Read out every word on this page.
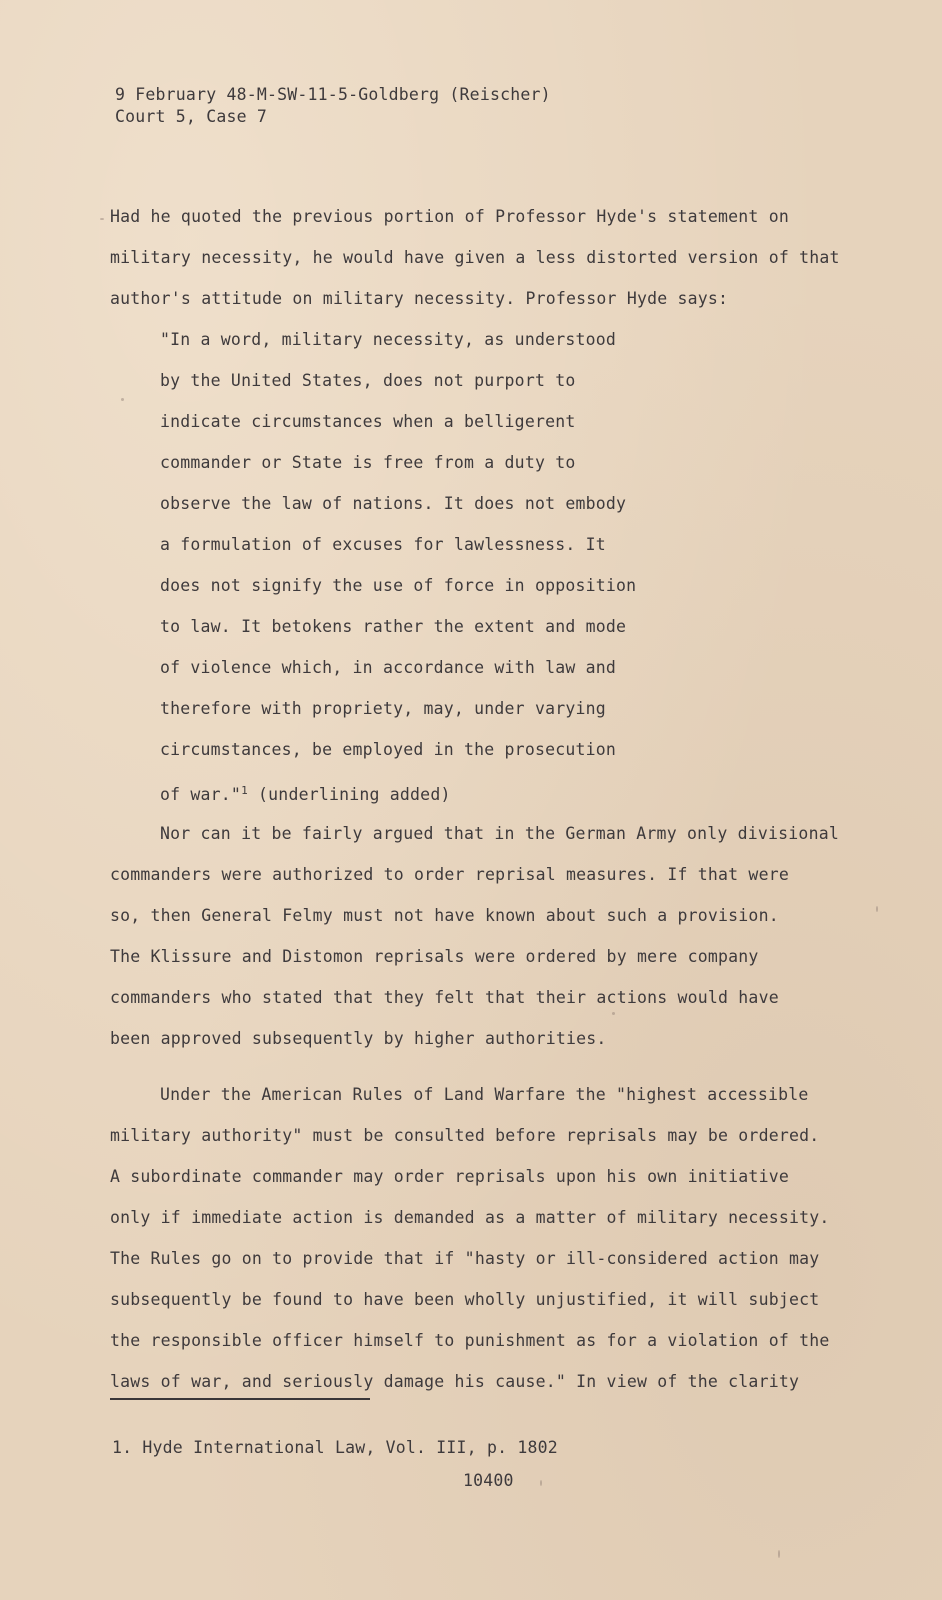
9 February 48-M-SW-11-5-Goldberg (Reischer)
Court 5, Case 7
Had he quoted the previous portion of Professor Hyde's statement on
military necessity, he would have given a less distorted version of that
author's attitude on military necessity. Professor Hyde says:
"In a word, military necessity, as understood
by the United States, does not purport to
indicate circumstances when a belligerent
commander or State is free from a duty to
observe the law of nations. It does not embody
a formulation of excuses for lawlessness. It
does not signify the use of force in opposition
to law. It betokens rather the extent and mode
of violence which, in accordance with law and
therefore with propriety, may, under varying
circumstances, be employed in the prosecution
of war."$^1$ (underlining added)
Nor can it be fairly argued that in the German Army only divisional
commanders were authorized to order reprisal measures. If that were
so, then General Felmy must not have known about such a provision.
The Klissure and Distomon reprisals were ordered by mere company
commanders who stated that they felt that their actions would have
been approved subsequently by higher authorities.
Under the American Rules of Land Warfare the "highest accessible
military authority" must be consulted before reprisals may be ordered.
A subordinate commander may order reprisals upon his own initiative
only if immediate action is demanded as a matter of military necessity.
The Rules go on to provide that if "hasty or ill-considered action may
subsequently be found to have been wholly unjustified, it will subject
the responsible officer himself to punishment as for a violation of the
laws of war, and seriously damage his cause." In view of the clarity
1. Hyde International Law, Vol. III, p. 1802
10400
